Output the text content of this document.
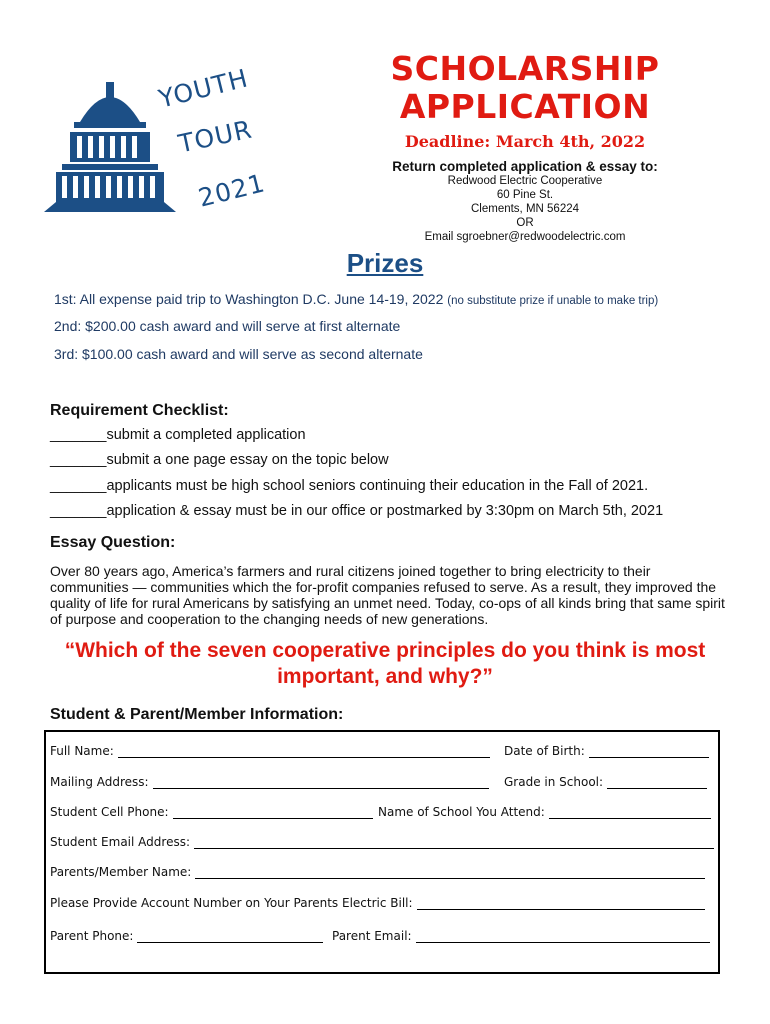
YOUTH
TOUR
2021
SCHOLARSHIP
APPLICATION
Deadline: March 4th, 2022
Return completed application & essay to:
Redwood Electric Cooperative
60 Pine St.
Clements, MN 56224
OR
Email sgroebner@redwoodelectric.com
Prizes
1st: All expense paid trip to Washington D.C. June 14-19, 2022 (no substitute prize if unable to make trip)
2nd: $200.00 cash award and will serve at first alternate
3rd: $100.00 cash award and will serve as second alternate
Requirement Checklist:
_______submit a completed application
_______submit a one page essay on the topic below
_______applicants must be high school seniors continuing their education in the Fall of 2021.
_______application & essay must be in our office or postmarked by 3:30pm on March 5th, 2021
Essay Question:
Over 80 years ago, America’s farmers and rural citizens joined together to bring electricity to their communities — communities which the for-profit companies refused to serve. As a result, they improved the quality of life for rural Americans by satisfying an unmet need. Today, co-ops of all kinds bring that same spirit of purpose and cooperation to the changing needs of new generations.
“Which of the seven cooperative principles do you think is most important, and why?”
Student & Parent/Member Information:
Full Name:	Date of Birth:
Mailing Address:	Grade in School:
Student Cell Phone:	Name of School You Attend:
Student Email Address:
Parents/Member Name:
Please Provide Account Number on Your Parents Electric Bill:
Parent Phone:	Parent Email:
